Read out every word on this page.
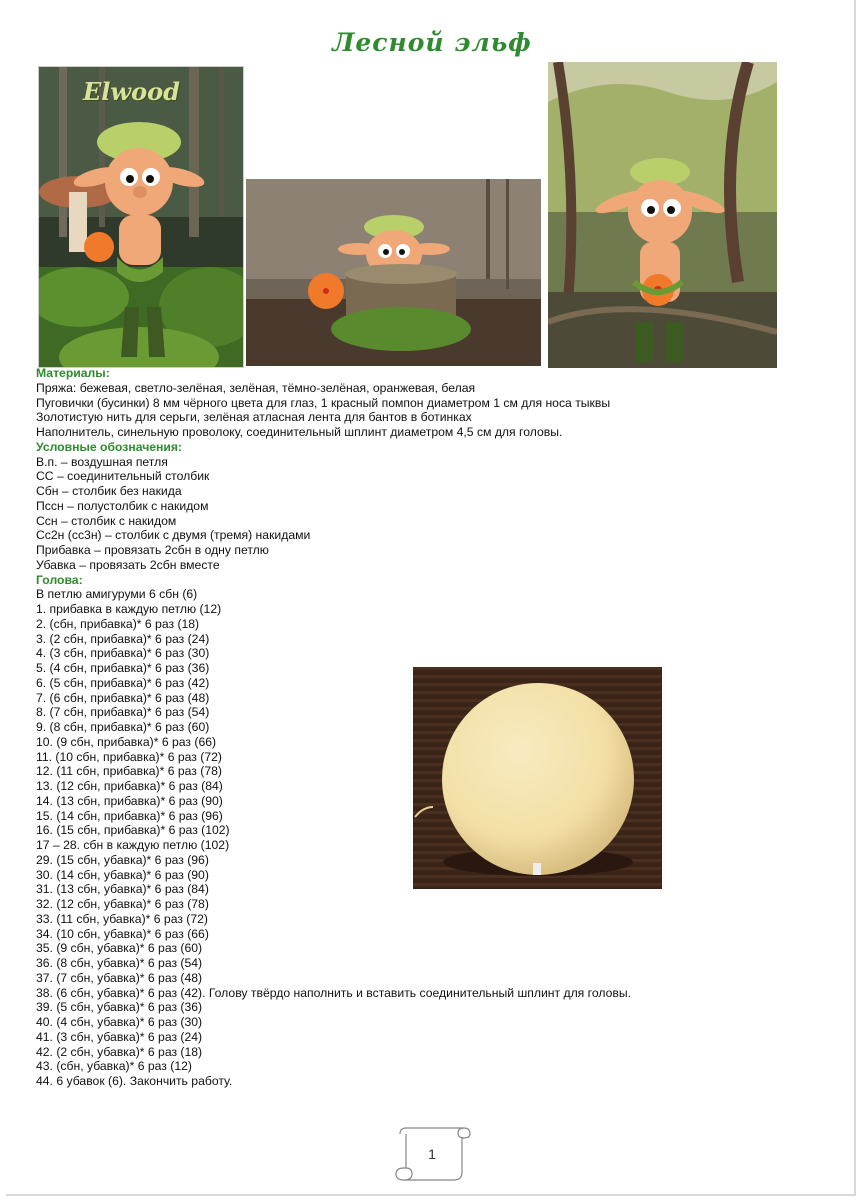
Лесной эльф
Elwood
Материалы:
Пряжа: бежевая, светло-зелёная, зелёная, тёмно-зелёная, оранжевая, белая
Пуговички (бусинки) 8 мм чёрного цвета для глаз, 1 красный помпон диаметром 1 см для носа тыквы
Золотистую нить для серьги, зелёная атласная лента для бантов в ботинках
Наполнитель, синельную проволоку, соединительный шплинт диаметром 4,5 см для головы.
Условные обозначения:
В.п. – воздушная петля
СС – соединительный столбик
Сбн – столбик без накида
Пссн – полустолбик с накидом
Ссн – столбик с накидом
Сс2н (сс3н) – столбик с двумя (тремя) накидами
Прибавка – провязать 2сбн в одну петлю
Убавка – провязать 2сбн вместе
Голова:
В петлю амигуруми 6 сбн (6)
1. прибавка в каждую петлю (12)
2. (сбн, прибавка)* 6 раз (18)
3. (2 сбн, прибавка)* 6 раз (24)
4. (3 сбн, прибавка)* 6 раз (30)
5. (4 сбн, прибавка)* 6 раз (36)
6. (5 сбн, прибавка)* 6 раз (42)
7. (6 сбн, прибавка)* 6 раз (48)
8. (7 сбн, прибавка)* 6 раз (54)
9. (8 сбн, прибавка)* 6 раз (60)
10. (9 сбн, прибавка)* 6 раз (66)
11. (10 сбн, прибавка)* 6 раз (72)
12. (11 сбн, прибавка)* 6 раз (78)
13. (12 сбн, прибавка)* 6 раз (84)
14. (13 сбн, прибавка)* 6 раз (90)
15. (14 сбн, прибавка)* 6 раз (96)
16. (15 сбн, прибавка)* 6 раз (102)
17 – 28. сбн в каждую петлю (102)
29. (15 сбн, убавка)* 6 раз (96)
30. (14 сбн, убавка)* 6 раз (90)
31. (13 сбн, убавка)* 6 раз (84)
32. (12 сбн, убавка)* 6 раз (78)
33. (11 сбн, убавка)* 6 раз (72)
34. (10 сбн, убавка)* 6 раз (66)
35. (9 сбн, убавка)* 6 раз (60)
36. (8 сбн, убавка)* 6 раз (54)
37. (7 сбн, убавка)* 6 раз (48)
38. (6 сбн, убавка)* 6 раз (42). Голову твёрдо наполнить и вставить соединительный шплинт для головы.
39. (5 сбн, убавка)* 6 раз (36)
40. (4 сбн, убавка)* 6 раз (30)
41. (3 сбн, убавка)* 6 раз (24)
42. (2 сбн, убавка)* 6 раз (18)
43. (сбн, убавка)* 6 раз (12)
44. 6 убавок (6). Закончить работу.
1
